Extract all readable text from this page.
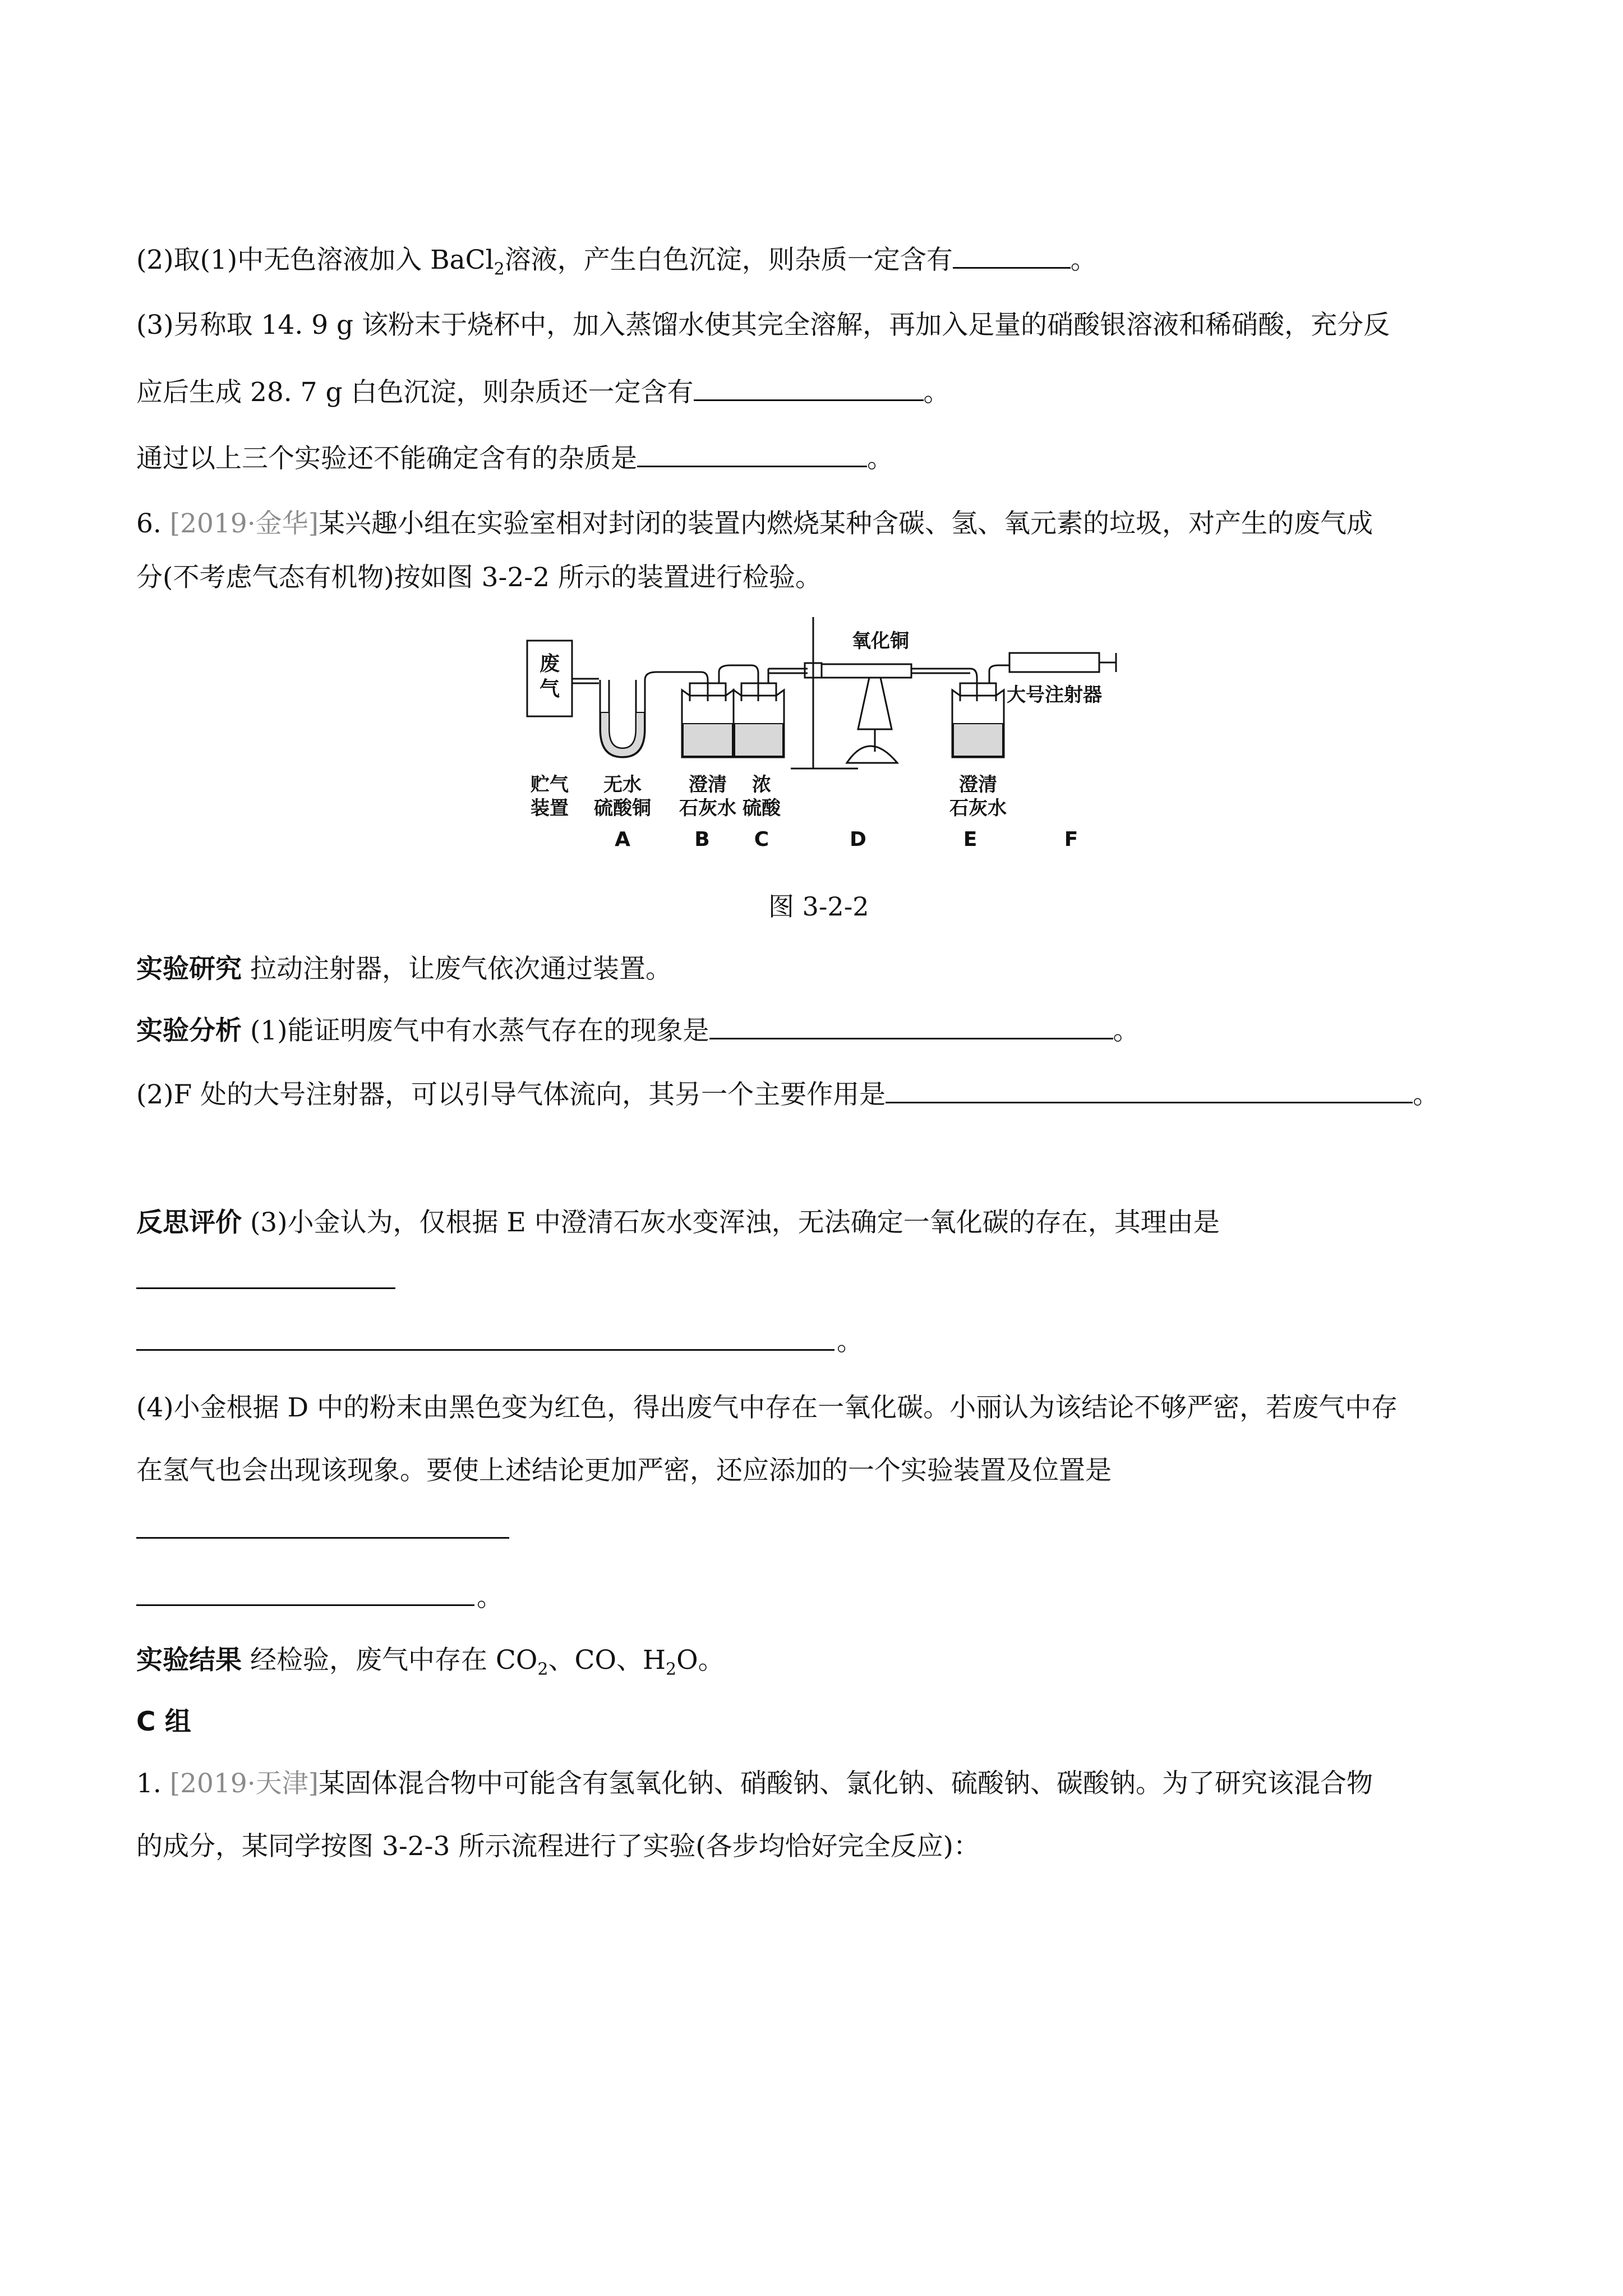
(2)取(1)中无色溶液加入 BaCl$_2$溶液，产生白色沉淀，则杂质一定含有	。
(3)另称取 14. 9 g 该粉末于烧杯中，加入蒸馏水使其完全溶解，再加入足量的硝酸银溶液和稀硝酸，充分反
应后生成 28. 7 g 白色沉淀，则杂质还一定含有	。
通过以上三个实验还不能确定含有的杂质是	。
6. [2019·金华]某兴趣小组在实验室相对封闭的装置内燃烧某种含碳、氢、氧元素的垃圾，对产生的废气成
分(不考虑气态有机物)按如图 3-2-2 所示的装置进行检验。
废
气
贮气
装置
无水
硫酸铜
澄清
石灰水
浓
硫酸
氧化铜
大号注射器
澄清
石灰水
A	B C	D	E	F
图 3-2-2
实验研究 拉动注射器，让废气依次通过装置。
实验分析 (1)能证明废气中有水蒸气存在的现象是	。
(2)F 处的大号注射器，可以引导气体流向，其另一个主要作用是	。
反思评价 (3)小金认为，仅根据 E 中澄清石灰水变浑浊，无法确定一氧化碳的存在，其理由是
。
(4)小金根据 D 中的粉末由黑色变为红色，得出废气中存在一氧化碳。小丽认为该结论不够严密，若废气中存
在氢气也会出现该现象。要使上述结论更加严密，还应添加的一个实验装置及位置是
。
实验结果 经检验，废气中存在 $CO_2$、CO、$H_2O$。
C 组
1. [2019·天津]某固体混合物中可能含有氢氧化钠、硝酸钠、氯化钠、硫酸钠、碳酸钠。为了研究该混合物
的成分，某同学按图 3-2-3 所示流程进行了实验(各步均恰好完全反应)：
